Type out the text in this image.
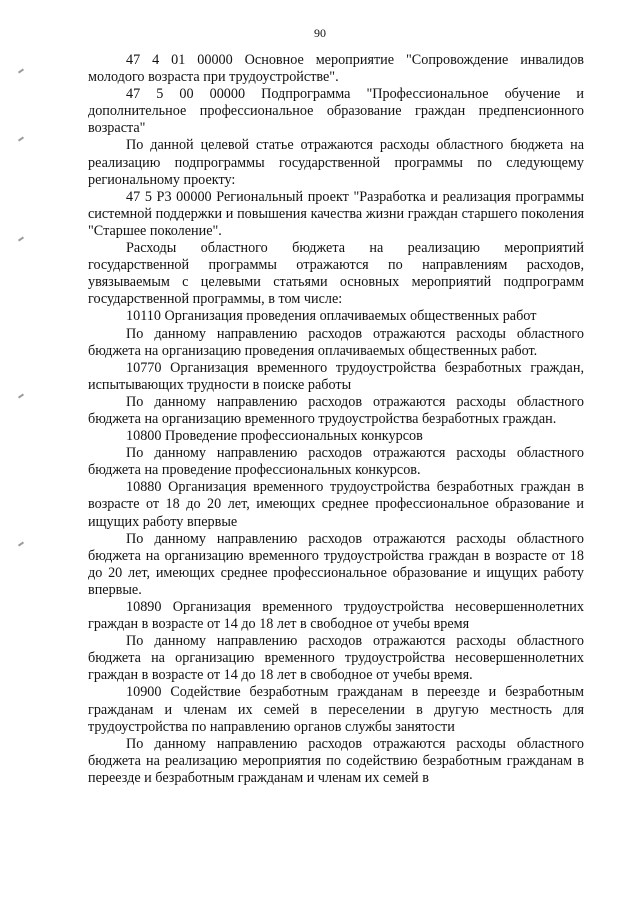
90

47 4 01 00000 Основное мероприятие "Сопровождение инвалидов молодого возраста при трудоустройстве".

47 5 00 00000 Подпрограмма "Профессиональное обучение и дополнительное профессиональное образование граждан предпенсионного возраста"

По данной целевой статье отражаются расходы областного бюджета на реализацию подпрограммы государственной программы по следующему региональному проекту:

47 5 P3 00000 Региональный проект "Разработка и реализация программы системной поддержки и повышения качества жизни граждан старшего поколения "Старшее поколение".

Расходы областного бюджета на реализацию мероприятий государственной программы отражаются по направлениям расходов, увязываемым с целевыми статьями основных мероприятий подпрограмм государственной программы, в том числе:

10110 Организация проведения оплачиваемых общественных работ

По данному направлению расходов отражаются расходы областного бюджета на организацию проведения оплачиваемых общественных работ.

10770 Организация временного трудоустройства безработных граждан, испытывающих трудности в поиске работы

По данному направлению расходов отражаются расходы областного бюджета на организацию временного трудоустройства безработных граждан.

10800 Проведение профессиональных конкурсов

По данному направлению расходов отражаются расходы областного бюджета на проведение профессиональных конкурсов.

10880 Организация временного трудоустройства безработных граждан в возрасте от 18 до 20 лет, имеющих среднее профессиональное образование и ищущих работу впервые

По данному направлению расходов отражаются расходы областного бюджета на организацию временного трудоустройства граждан в возрасте от 18 до 20 лет, имеющих среднее профессиональное образование и ищущих работу впервые.

10890 Организация временного трудоустройства несовершеннолетних граждан в возрасте от 14 до 18 лет в свободное от учебы время

По данному направлению расходов отражаются расходы областного бюджета на организацию временного трудоустройства несовершеннолетних граждан в возрасте от 14 до 18 лет в свободное от учебы время.

10900 Содействие безработным гражданам в переезде и безработным гражданам и членам их семей в переселении в другую местность для трудоустройства по направлению органов службы занятости

По данному направлению расходов отражаются расходы областного бюджета на реализацию мероприятия по содействию безработным гражданам в переезде и безработным гражданам и членам их семей в
